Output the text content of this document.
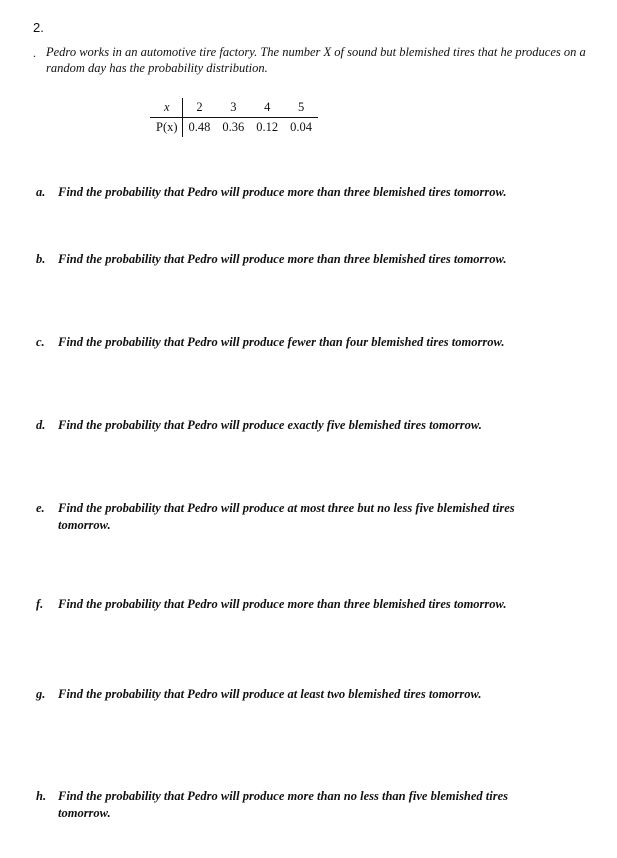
2.
. Pedro works in an automotive tire factory. The number X of sound but blemished tires that he produces on a random day has the probability distribution.
x	2	3	4	5
P(x)	0.48	0.36	0.12	0.04
a. Find the probability that Pedro will produce more than three blemished tires tomorrow.
b. Find the probability that Pedro will produce more than three blemished tires tomorrow.
c. Find the probability that Pedro will produce fewer than four blemished tires tomorrow.
d. Find the probability that Pedro will produce exactly five blemished tires tomorrow.
e. Find the probability that Pedro will produce at most three but no less five blemished tires
tomorrow.
f. Find the probability that Pedro will produce more than three blemished tires tomorrow.
g. Find the probability that Pedro will produce at least two blemished tires tomorrow.
h. Find the probability that Pedro will produce more than no less than five blemished tires
tomorrow.
